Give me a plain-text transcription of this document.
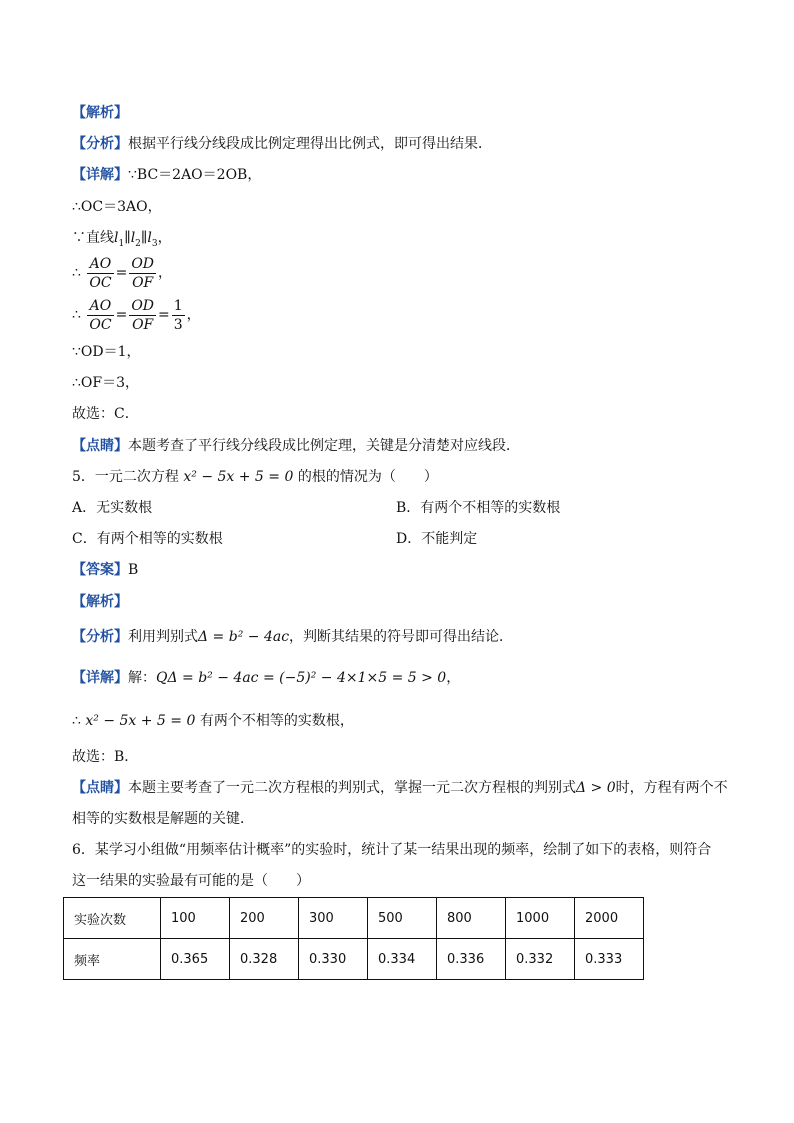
【解析】
【分析】根据平行线分线段成比例定理得出比例式，即可得出结果．
【详解】∵BC＝2AO＝2OB，
∴OC＝3AO，
∵直线$l_1\parallel l_2\parallel l_3$，
∴ $\frac{AO}{OC} = \frac{OD}{OF}$ ，
∴ $\frac{AO}{OC} = \frac{OD}{OF} = \frac{1}{3}$ ，
∵OD＝1，
∴OF＝3，
故选：C．
【点睛】本题考查了平行线分线段成比例定理，关键是分清楚对应线段．
5．一元二次方程 x² − 5x + 5 = 0 的根的情况为（　　）
A．无实数根	B．有两个不相等的实数根
C．有两个相等的实数根	D．不能判定
【答案】B
【解析】
【分析】利用判别式Δ = b² − 4ac，判断其结果的符号即可得出结论．
【详解】解：QΔ = b² − 4ac = (−5)² − 4×1×5 = 5 > 0，
∴ x² − 5x + 5 = 0 有两个不相等的实数根，
故选：B．
【点睛】本题主要考查了一元二次方程根的判别式，掌握一元二次方程根的判别式Δ > 0时，方程有两个不
相等的实数根是解题的关键．
6．某学习小组做“用频率估计概率”的实验时，统计了某一结果出现的频率，绘制了如下的表格，则符合
这一结果的实验最有可能的是（　　）
实验次数	100	200	300	500	800	1000	2000
频率	0.365	0.328	0.330	0.334	0.336	0.332	0.333
